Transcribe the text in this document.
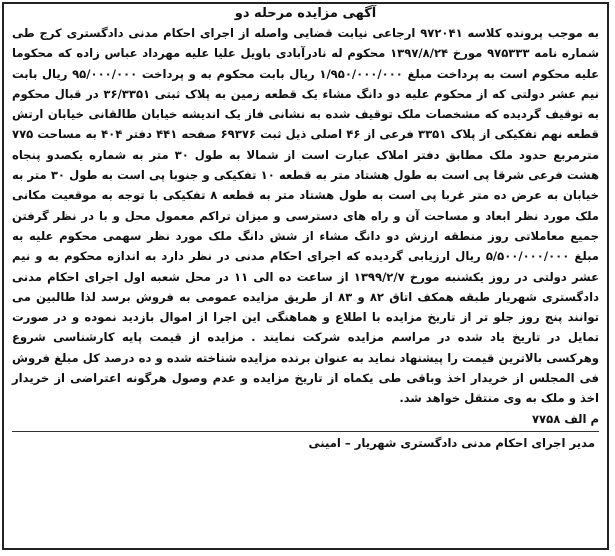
آگهی مزایده مرحله دو

به موجب پرونده کلاسه ۹۷۲۰۴۱ ارجاعی نیابت قضایی واصله از اجرای احکام مدنی دادگستری کرج طی شماره نامه ۹۷۵۳۳۳ مورخ ۱۳۹۷/۸/۲۴ محکوم له نادرآبادی باویل علیا علیه مهرداد عباس زاده که محکوما علیه محکوم است به پرداخت مبلغ ۱/۹۵۰/۰۰۰/۰۰۰ ریال بابت محکوم به و پرداخت ۹۵/۰۰۰/۰۰۰ ریال بابت نیم عشر دولتی که از محکوم علیه دو دانگ مشاء یک قطعه زمین به پلاک ثبتی ۳۶/۳۳۵۱ در قبال محکوم به توقیف گردیده که مشخصات ملک توقیف شده به نشانی فاز یک اندیشه خیابان طالقانی خیابان ارتش قطعه نهم تفکیکی از پلاک ۳۳۵۱ فرعی از ۴۶ اصلی ذیل ثبت ۶۹۳۷۶ صفحه ۴۴۱ دفتر ۴۰۴ به مساحت ۷۷۵ مترمربع حدود ملک مطابق دفتر املاک عبارت است از شمالا به طول ۳۰ متر به شماره یکصدو پنجاه هشت فرعی شرقا پی است به طول هشتاد متر به قطعه ۱۰ تفکیکی و جنوبا پی است به طول ۳۰ متر به خیابان به عرض ده متر غربا پی است به طول هشتاد متر به قطعه ۸ تفکیکی با توجه به موقعیت مکانی ملک مورد نظر ابعاد و مساحت آن و راه های دسترسی و میزان تراکم معمول محل و با در نظر گرفتن جمیع معاملاتی روز منطقه ارزش دو دانگ مشاء از شش دانگ ملک مورد نظر سهمی محکوم علیه به مبلغ ۵/۵۰۰/۰۰۰/۰۰۰ ریال ارزیابی گردیده که اجرای احکام مدنی در نظر دارد به اندازه محکوم به و نیم عشر دولتی در روز یکشنبه مورخ ۱۳۹۹/۲/۷ از ساعت ده الی ۱۱ در محل شعبه اول اجرای احکام مدنی دادگستری شهریار طبقه همکف اتاق ۸۲ و ۸۳ از طریق مزایده عمومی به فروش برسد لذا طالبین می توانند پنج روز جلو تر از تاریخ مزایده با اطلاع و هماهنگی این اجرا از اموال بازدید نموده و در صورت تمایل در تاریخ یاد شده در مراسم مزایده شرکت نمایند . مزایده از قیمت پایه کارشناسی شروع وهرکسی بالاترین قیمت را پیشنهاد نماید به عنوان برنده مزایده شناخته شده و ده درصد کل مبلغ فروش فی المجلس از خریدار اخذ وباقی طی یکماه از تاریخ مزایده و عدم وصول هرگونه اعتراضی از خریدار اخذ و ملک به وی منتقل خواهد شد.

م الف ۷۷۵۸

مدیر اجرای احکام مدنی دادگستری شهریار – امینی
